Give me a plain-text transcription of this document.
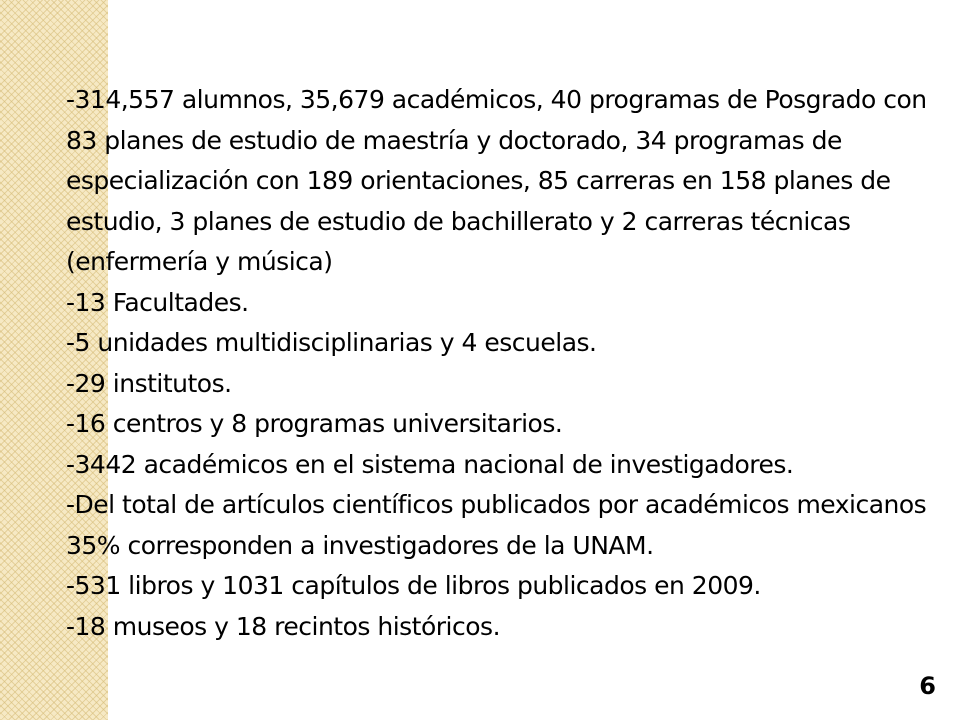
-314,557 alumnos, 35,679 académicos, 40 programas de Posgrado con 83 planes de estudio de maestría y doctorado, 34 programas de especialización con 189 orientaciones, 85 carreras en 158 planes de estudio, 3 planes de estudio de bachillerato y 2 carreras técnicas (enfermería y música)

-13 Facultades.

-5 unidades multidisciplinarias y 4 escuelas.

-29 institutos.

-16 centros y 8 programas universitarios.

-3442 académicos en el sistema nacional de investigadores.

-Del total de artículos científicos publicados por académicos mexicanos 35% corresponden a investigadores de la UNAM.

-531 libros y 1031 capítulos de libros publicados en 2009.

-18 museos y 18 recintos históricos.

6
